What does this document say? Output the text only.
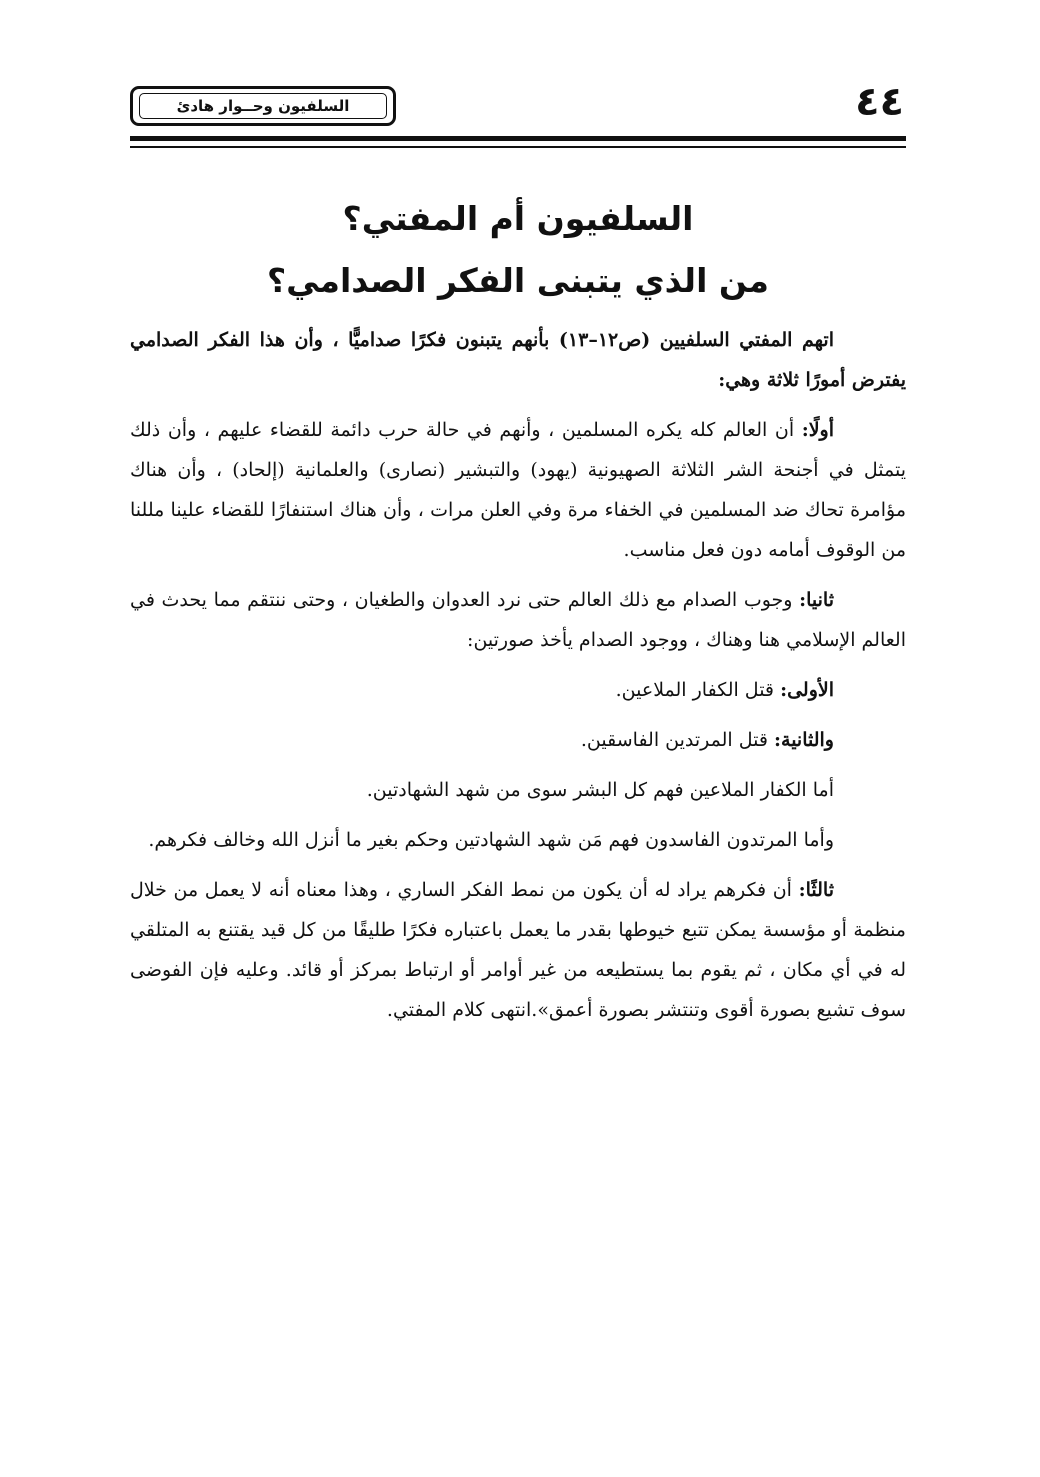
السلفيون وحــوار هادئ	٤٤
السلفيون أم المفتي؟
من الذي يتبنى الفكر الصدامي؟

اتهم المفتي السلفيين (ص١٢–١٣) بأنهم يتبنون فكرًا صداميًّا ، وأن هذا الفكر الصدامي يفترض أمورًا ثلاثة وهي:

أولًا: أن العالم كله يكره المسلمين ، وأنهم في حالة حرب دائمة للقضاء عليهم ، وأن ذلك يتمثل في أجنحة الشر الثلاثة الصهيونية (يهود) والتبشير (نصارى) والعلمانية (إلحاد) ، وأن هناك مؤامرة تحاك ضد المسلمين في الخفاء مرة وفي العلن مرات ، وأن هناك استنفارًا للقضاء علينا مللنا من الوقوف أمامه دون فعل مناسب.

ثانيا: وجوب الصدام مع ذلك العالم حتى نرد العدوان والطغيان ، وحتى ننتقم مما يحدث في العالم الإسلامي هنا وهناك ، ووجود الصدام يأخذ صورتين:

الأولى: قتل الكفار الملاعين.

والثانية: قتل المرتدين الفاسقين.

أما الكفار الملاعين فهم كل البشر سوى من شهد الشهادتين.

وأما المرتدون الفاسدون فهم مَن شهد الشهادتين وحكم بغير ما أنزل الله وخالف فكرهم.

ثالثًا: أن فكرهم يراد له أن يكون من نمط الفكر الساري ، وهذا معناه أنه لا يعمل من خلال منظمة أو مؤسسة يمكن تتبع خيوطها بقدر ما يعمل باعتباره فكرًا طليقًا من كل قيد يقتنع به المتلقي له في أي مكان ، ثم يقوم بما يستطيعه من غير أوامر أو ارتباط بمركز أو قائد. وعليه فإن الفوضى سوف تشيع بصورة أقوى وتنتشر بصورة أعمق».انتهى كلام المفتي.
